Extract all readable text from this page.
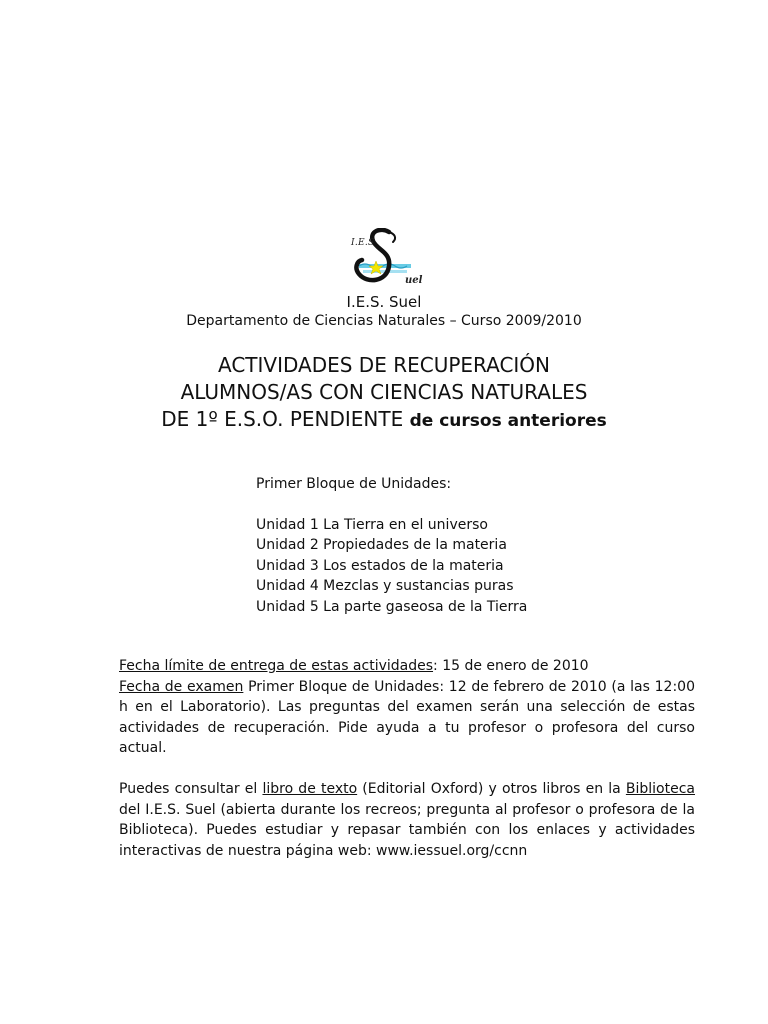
I.E.S
uel
I.E.S. Suel
Departamento de Ciencias Naturales – Curso 2009/2010
ACTIVIDADES DE RECUPERACIÓN
ALUMNOS/AS CON CIENCIAS NATURALES
DE 1º E.S.O. PENDIENTE de cursos anteriores
Primer Bloque de Unidades:
Unidad 1 La Tierra en el universo
Unidad 2 Propiedades de la materia
Unidad 3 Los estados de la materia
Unidad 4 Mezclas y sustancias puras
Unidad 5 La parte gaseosa de la Tierra
Fecha límite de entrega de estas actividades: 15 de enero de 2010
Fecha de examen Primer Bloque de Unidades: 12 de febrero de 2010 (a las 12:00 h en el Laboratorio). Las preguntas del examen serán una selección de estas actividades de recuperación. Pide ayuda a tu profesor o profesora del curso actual.
Puedes consultar el libro de texto (Editorial Oxford) y otros libros en la Biblioteca del I.E.S. Suel (abierta durante los recreos; pregunta al profesor o profesora de la Biblioteca). Puedes estudiar y repasar también con los enlaces y actividades interactivas de nuestra página web: www.iessuel.org/ccnn
